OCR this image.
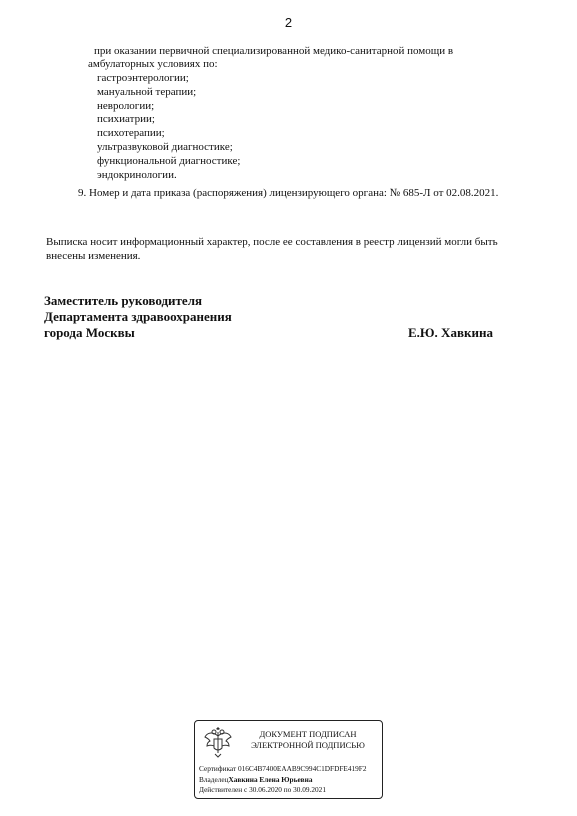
2
при оказании первичной специализированной медико-санитарной помощи в
амбулаторных условиях по:
гастроэнтерологии;
мануальной терапии;
неврологии;
психиатрии;
психотерапии;
ультразвуковой диагностике;
функциональной диагностике;
эндокринологии.
9. Номер и дата приказа (распоряжения) лицензирующего органа: № 685-Л от 02.08.2021.
Выписка носит информационный характер, после ее составления в реестр лицензий могли быть внесены изменения.
Заместитель руководителя
Департамента здравоохранения
города Москвы	Е.Ю. Хавкина
ДОКУМЕНТ ПОДПИСАН
ЭЛЕКТРОННОЙ ПОДПИСЬЮ
Сертификат 016C4B7400EAAB9C994C1DFDFE419F2
ВладелецХавкина Елена Юрьевна
Действителен с 30.06.2020 по 30.09.2021
